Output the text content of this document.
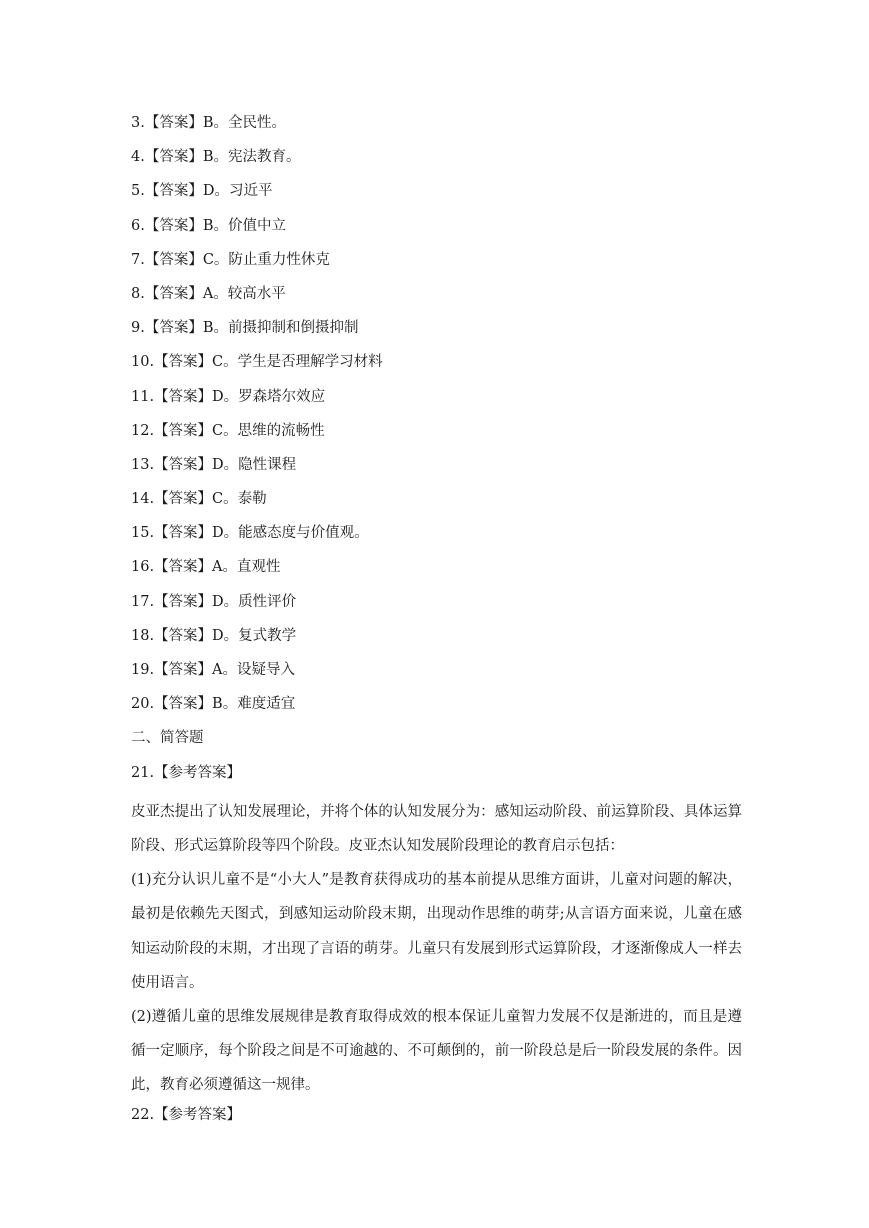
3.【答案】B。全民性。
4.【答案】B。宪法教育。
5.【答案】D。习近平
6.【答案】B。价值中立
7.【答案】C。防止重力性休克
8.【答案】A。较高水平
9.【答案】B。前摄抑制和倒摄抑制
10.【答案】C。学生是否理解学习材料
11.【答案】D。罗森塔尔效应
12.【答案】C。思维的流畅性
13.【答案】D。隐性课程
14.【答案】C。泰勒
15.【答案】D。能感态度与价值观。
16.【答案】A。直观性
17.【答案】D。质性评价
18.【答案】D。复式教学
19.【答案】A。设疑导入
20.【答案】B。难度适宜
二、简答题
21.【参考答案】

皮亚杰提出了认知发展理论，并将个体的认知发展分为：感知运动阶段、前运算阶段、具体运算阶段、形式运算阶段等四个阶段。皮亚杰认知发展阶段理论的教育启示包括：

(1)充分认识儿童不是“小大人”是教育获得成功的基本前提从思维方面讲，儿童对问题的解决，最初是依赖先天图式，到感知运动阶段末期，出现动作思维的萌芽;从言语方面来说，儿童在感知运动阶段的末期，才出现了言语的萌芽。儿童只有发展到形式运算阶段，才逐渐像成人一样去使用语言。

(2)遵循儿童的思维发展规律是教育取得成效的根本保证儿童智力发展不仅是渐进的，而且是遵循一定顺序，每个阶段之间是不可逾越的、不可颠倒的，前一阶段总是后一阶段发展的条件。因此，教育必须遵循这一规律。

22.【参考答案】
